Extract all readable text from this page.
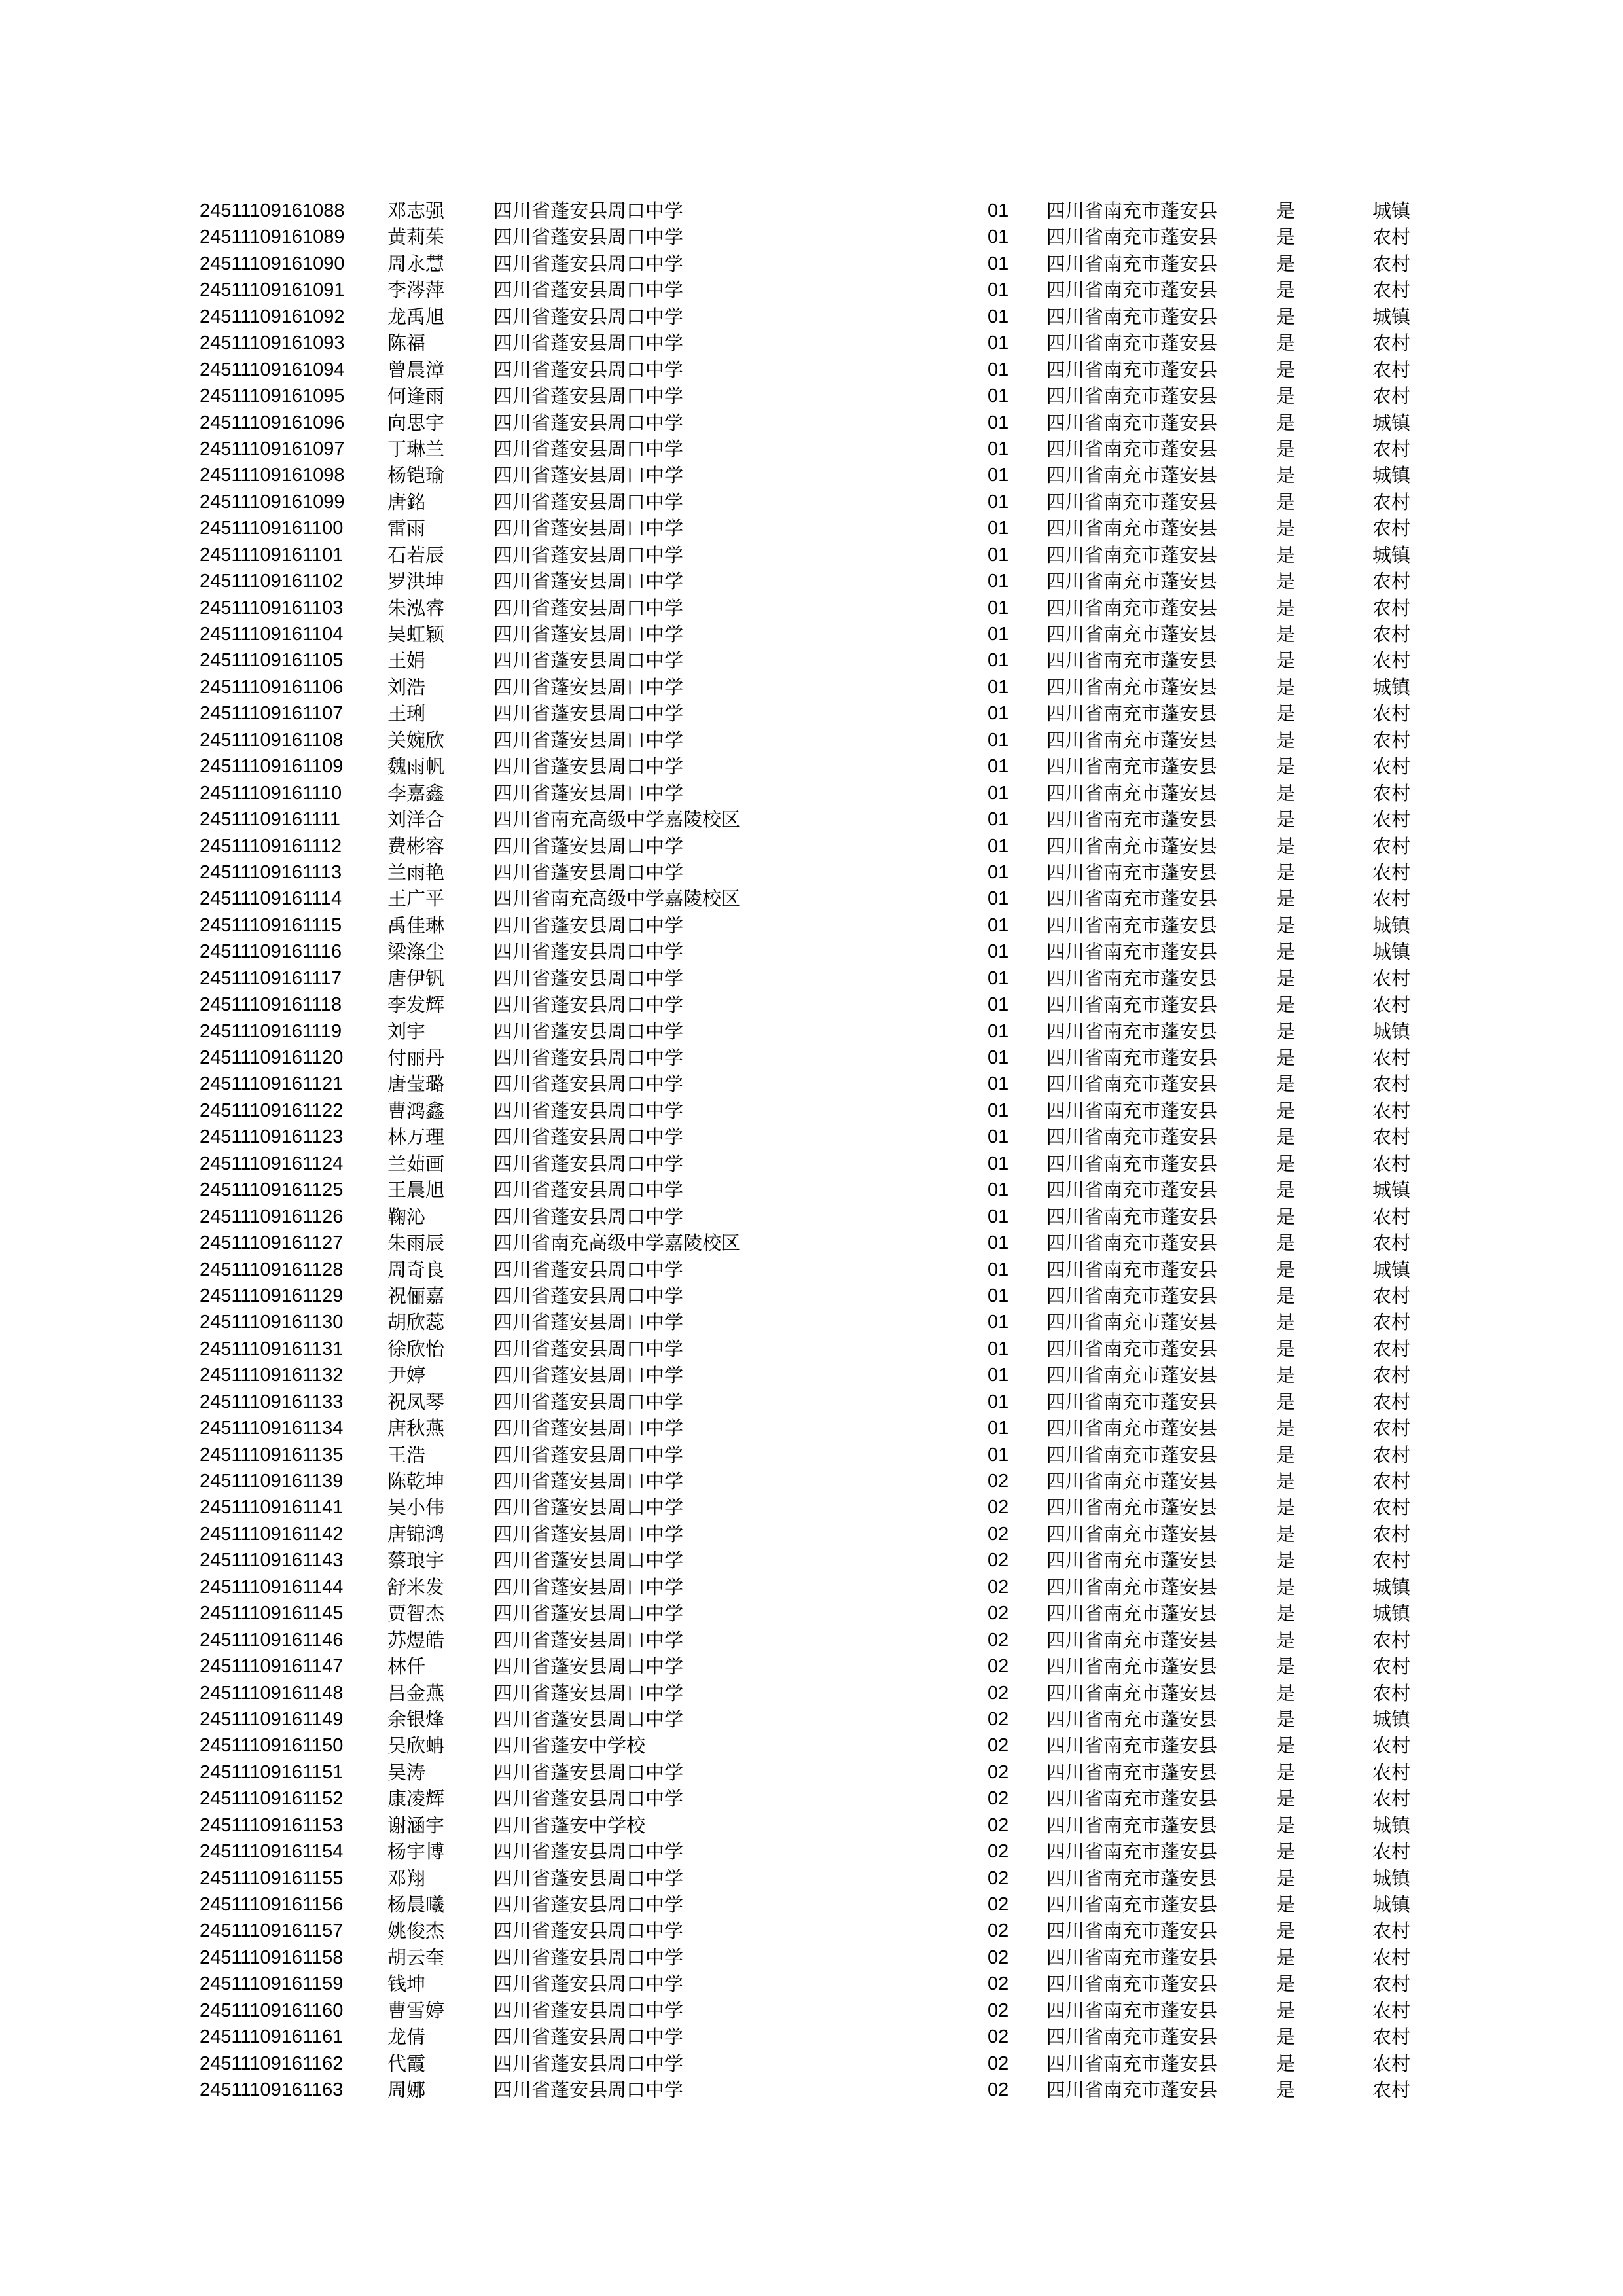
24511109161088 邓志强	四川省蓬安县周口中学	01 四川省南充市蓬安县	是	城镇
24511109161089 黄莉茱	四川省蓬安县周口中学	01 四川省南充市蓬安县	是	农村
24511109161090 周永慧	四川省蓬安县周口中学	01 四川省南充市蓬安县	是	农村
24511109161091 李涔萍	四川省蓬安县周口中学	01 四川省南充市蓬安县	是	农村
24511109161092 龙禹旭	四川省蓬安县周口中学	01 四川省南充市蓬安县	是	城镇
24511109161093 陈福	四川省蓬安县周口中学	01 四川省南充市蓬安县	是	农村
24511109161094 曾晨漳	四川省蓬安县周口中学	01 四川省南充市蓬安县	是	农村
24511109161095 何逢雨	四川省蓬安县周口中学	01 四川省南充市蓬安县	是	农村
24511109161096 向思宇	四川省蓬安县周口中学	01 四川省南充市蓬安县	是	城镇
24511109161097 丁琳兰	四川省蓬安县周口中学	01 四川省南充市蓬安县	是	农村
24511109161098 杨铠瑜	四川省蓬安县周口中学	01 四川省南充市蓬安县	是	城镇
24511109161099 唐銘	四川省蓬安县周口中学	01 四川省南充市蓬安县	是	农村
24511109161100 雷雨	四川省蓬安县周口中学	01 四川省南充市蓬安县	是	农村
24511109161101 石若辰	四川省蓬安县周口中学	01 四川省南充市蓬安县	是	城镇
24511109161102 罗洪坤	四川省蓬安县周口中学	01 四川省南充市蓬安县	是	农村
24511109161103 朱泓睿	四川省蓬安县周口中学	01 四川省南充市蓬安县	是	农村
24511109161104 吴虹颖	四川省蓬安县周口中学	01 四川省南充市蓬安县	是	农村
24511109161105 王娟	四川省蓬安县周口中学	01 四川省南充市蓬安县	是	农村
24511109161106 刘浩	四川省蓬安县周口中学	01 四川省南充市蓬安县	是	城镇
24511109161107 王琍	四川省蓬安县周口中学	01 四川省南充市蓬安县	是	农村
24511109161108 关婉欣	四川省蓬安县周口中学	01 四川省南充市蓬安县	是	农村
24511109161109 魏雨帆	四川省蓬安县周口中学	01 四川省南充市蓬安县	是	农村
24511109161110 李嘉鑫	四川省蓬安县周口中学	01 四川省南充市蓬安县	是	农村
24511109161111 刘洋合	四川省南充高级中学嘉陵校区	01 四川省南充市蓬安县	是	农村
24511109161112 费彬容	四川省蓬安县周口中学	01 四川省南充市蓬安县	是	农村
24511109161113 兰雨艳	四川省蓬安县周口中学	01 四川省南充市蓬安县	是	农村
24511109161114 王广平	四川省南充高级中学嘉陵校区	01 四川省南充市蓬安县	是	农村
24511109161115 禹佳琳	四川省蓬安县周口中学	01 四川省南充市蓬安县	是	城镇
24511109161116 梁涤尘	四川省蓬安县周口中学	01 四川省南充市蓬安县	是	城镇
24511109161117 唐伊钒	四川省蓬安县周口中学	01 四川省南充市蓬安县	是	农村
24511109161118 李发辉	四川省蓬安县周口中学	01 四川省南充市蓬安县	是	农村
24511109161119 刘宇	四川省蓬安县周口中学	01 四川省南充市蓬安县	是	城镇
24511109161120 付丽丹	四川省蓬安县周口中学	01 四川省南充市蓬安县	是	农村
24511109161121 唐莹璐	四川省蓬安县周口中学	01 四川省南充市蓬安县	是	农村
24511109161122 曹鸿鑫	四川省蓬安县周口中学	01 四川省南充市蓬安县	是	农村
24511109161123 林万理	四川省蓬安县周口中学	01 四川省南充市蓬安县	是	农村
24511109161124 兰茹画	四川省蓬安县周口中学	01 四川省南充市蓬安县	是	农村
24511109161125 王晨旭	四川省蓬安县周口中学	01 四川省南充市蓬安县	是	城镇
24511109161126 鞠沁	四川省蓬安县周口中学	01 四川省南充市蓬安县	是	农村
24511109161127 朱雨辰	四川省南充高级中学嘉陵校区	01 四川省南充市蓬安县	是	农村
24511109161128 周奇良	四川省蓬安县周口中学	01 四川省南充市蓬安县	是	城镇
24511109161129 祝俪嘉	四川省蓬安县周口中学	01 四川省南充市蓬安县	是	农村
24511109161130 胡欣蕊	四川省蓬安县周口中学	01 四川省南充市蓬安县	是	农村
24511109161131 徐欣怡	四川省蓬安县周口中学	01 四川省南充市蓬安县	是	农村
24511109161132 尹婷	四川省蓬安县周口中学	01 四川省南充市蓬安县	是	农村
24511109161133 祝凤琴	四川省蓬安县周口中学	01 四川省南充市蓬安县	是	农村
24511109161134 唐秋燕	四川省蓬安县周口中学	01 四川省南充市蓬安县	是	农村
24511109161135 王浩	四川省蓬安县周口中学	01 四川省南充市蓬安县	是	农村
24511109161139 陈乾坤	四川省蓬安县周口中学	02 四川省南充市蓬安县	是	农村
24511109161141 吴小伟	四川省蓬安县周口中学	02 四川省南充市蓬安县	是	农村
24511109161142 唐锦鸿	四川省蓬安县周口中学	02 四川省南充市蓬安县	是	农村
24511109161143 蔡琅宇	四川省蓬安县周口中学	02 四川省南充市蓬安县	是	农村
24511109161144 舒米发	四川省蓬安县周口中学	02 四川省南充市蓬安县	是	城镇
24511109161145 贾智杰	四川省蓬安县周口中学	02 四川省南充市蓬安县	是	城镇
24511109161146 苏煜皓	四川省蓬安县周口中学	02 四川省南充市蓬安县	是	农村
24511109161147 林仟	四川省蓬安县周口中学	02 四川省南充市蓬安县	是	农村
24511109161148 吕金燕	四川省蓬安县周口中学	02 四川省南充市蓬安县	是	农村
24511109161149 余银烽	四川省蓬安县周口中学	02 四川省南充市蓬安县	是	城镇
24511109161150 吴欣蚺	四川省蓬安中学校	02 四川省南充市蓬安县	是	农村
24511109161151 吴涛	四川省蓬安县周口中学	02 四川省南充市蓬安县	是	农村
24511109161152 康凌辉	四川省蓬安县周口中学	02 四川省南充市蓬安县	是	农村
24511109161153 谢涵宇	四川省蓬安中学校	02 四川省南充市蓬安县	是	城镇
24511109161154 杨宇博	四川省蓬安县周口中学	02 四川省南充市蓬安县	是	农村
24511109161155 邓翔	四川省蓬安县周口中学	02 四川省南充市蓬安县	是	城镇
24511109161156 杨晨曦	四川省蓬安县周口中学	02 四川省南充市蓬安县	是	城镇
24511109161157 姚俊杰	四川省蓬安县周口中学	02 四川省南充市蓬安县	是	农村
24511109161158 胡云奎	四川省蓬安县周口中学	02 四川省南充市蓬安县	是	农村
24511109161159 钱坤	四川省蓬安县周口中学	02 四川省南充市蓬安县	是	农村
24511109161160 曹雪婷	四川省蓬安县周口中学	02 四川省南充市蓬安县	是	农村
24511109161161 龙倩	四川省蓬安县周口中学	02 四川省南充市蓬安县	是	农村
24511109161162 代霞	四川省蓬安县周口中学	02 四川省南充市蓬安县	是	农村
24511109161163 周娜	四川省蓬安县周口中学	02 四川省南充市蓬安县	是	农村
